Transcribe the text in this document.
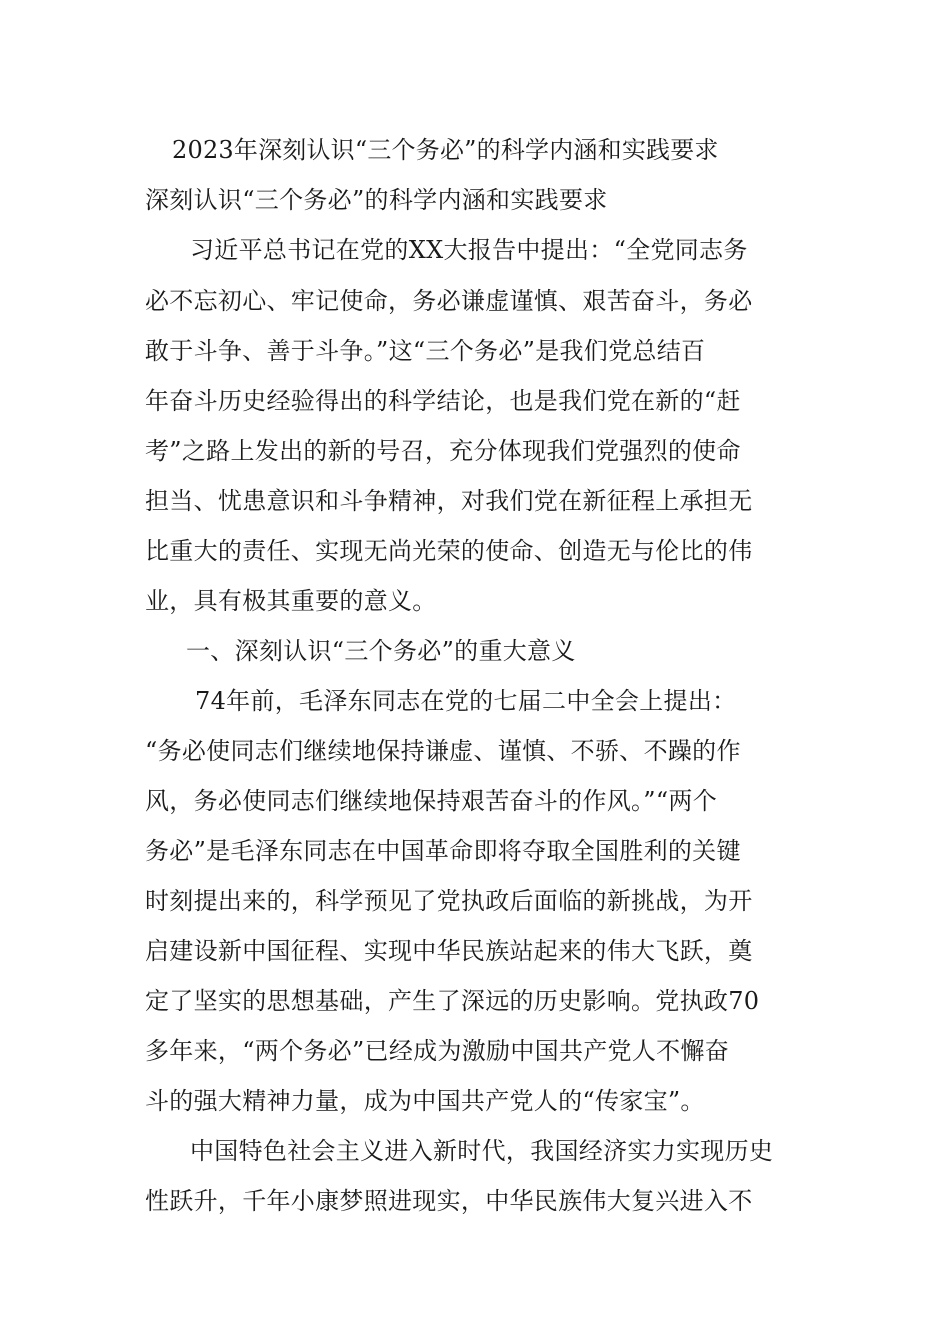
2023年深刻认识“三个务必”的科学内涵和实践要求
深刻认识“三个务必”的科学内涵和实践要求
习近平总书记在党的XX大报告中提出：“全党同志务
必不忘初心、牢记使命，务必谦虚谨慎、艰苦奋斗，务必
敢于斗争、善于斗争。”这“三个务必”是我们党总结百
年奋斗历史经验得出的科学结论，也是我们党在新的“赶
考”之路上发出的新的号召，充分体现我们党强烈的使命
担当、忧患意识和斗争精神，对我们党在新征程上承担无
比重大的责任、实现无尚光荣的使命、创造无与伦比的伟
业，具有极其重要的意义。
一、深刻认识“三个务必”的重大意义
74年前，毛泽东同志在党的七届二中全会上提出：
“务必使同志们继续地保持谦虚、谨慎、不骄、不躁的作
风，务必使同志们继续地保持艰苦奋斗的作风。”“两个
务必”是毛泽东同志在中国革命即将夺取全国胜利的关键
时刻提出来的，科学预见了党执政后面临的新挑战，为开
启建设新中国征程、实现中华民族站起来的伟大飞跃，奠
定了坚实的思想基础，产生了深远的历史影响。党执政70
多年来，“两个务必”已经成为激励中国共产党人不懈奋
斗的强大精神力量，成为中国共产党人的“传家宝”。
中国特色社会主义进入新时代，我国经济实力实现历史
性跃升，千年小康梦照进现实，中华民族伟大复兴进入不
